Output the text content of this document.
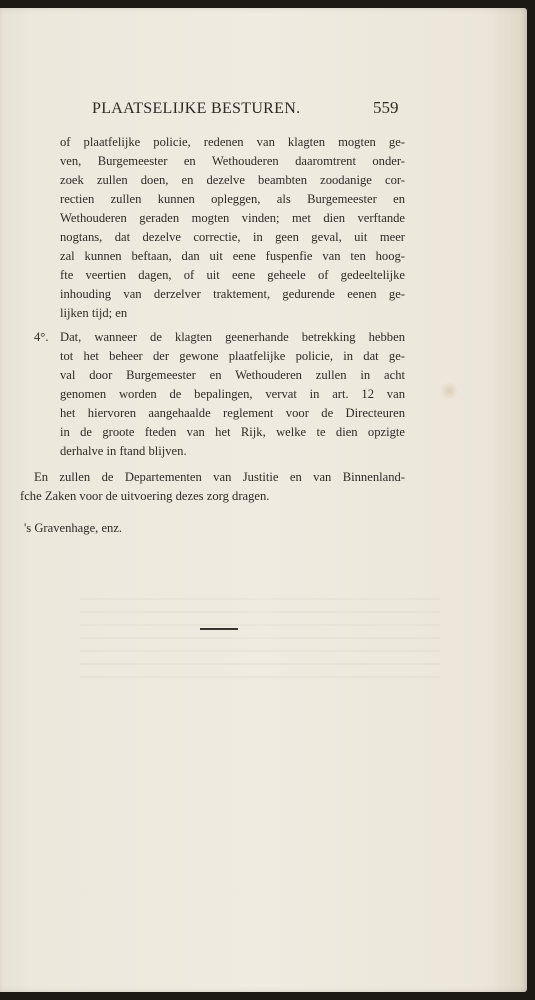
PLAATSELIJKE BESTUREN.	559
of plaatfelijke policie, redenen van klagten mogten ge-
ven, Burgemeester en Wethouderen daaromtrent onder-
zoek zullen doen, en dezelve beambten zoodanige cor-
rectien zullen kunnen opleggen, als Burgemeester en
Wethouderen geraden mogten vinden; met dien verftande
nogtans, dat dezelve correctie, in geen geval, uit meer
zal kunnen beftaan, dan uit eene fuspenfie van ten hoog-
fte veertien dagen, of uit eene geheele of gedeeltelijke
inhouding van derzelver traktement, gedurende eenen ge-
lijken tijd; en
4°. Dat, wanneer de klagten geenerhande betrekking hebben
tot het beheer der gewone plaatfelijke policie, in dat ge-
val door Burgemeester en Wethouderen zullen in acht
genomen worden de bepalingen, vervat in art. 12 van
het hiervoren aangehaalde reglement voor de Directeuren
in de groote fteden van het Rijk, welke te dien opzigte
derhalve in ftand blijven.
En zullen de Departementen van Justitie en van Binnenland-
fche Zaken voor de uitvoering dezes zorg dragen.
's Gravenhage, enz.
